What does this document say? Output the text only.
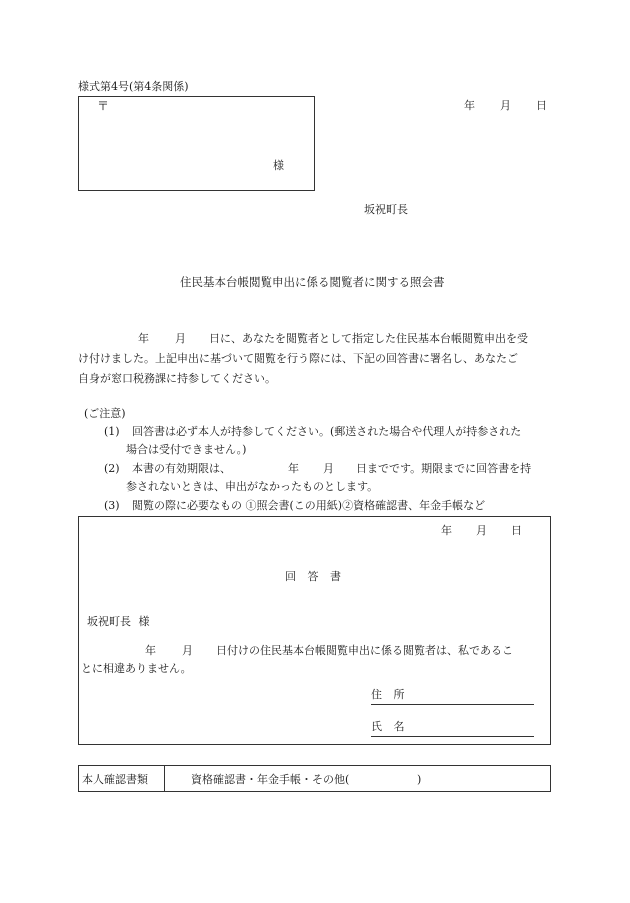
様式第4号(第4条関係)
〒
様
年 月 日
坂祝町長
住民基本台帳閲覧申出に係る閲覧者に関する照会書
年 月 日に、あなたを閲覧者として指定した住民基本台帳閲覧申出を受
け付けました。上記申出に基づいて閲覧を行う際には、下記の回答書に署名し、あなたご
自身が窓口税務課に持参してください。
(ご注意)
(1) 回答書は必ず本人が持参してください。(郵送された場合や代理人が持参された
場合は受付できません。)
(2) 本書の有効期限は、	年 月 日までです。期限までに回答書を持
参されないときは、申出がなかったものとします。
(3) 閲覧の際に必要なもの ①照会書(この用紙)②資格確認書、年金手帳など
年 月 日
回 答 書
坂祝町長 様
年 月 日付けの住民基本台帳閲覧申出に係る閲覧者は、私であるこ
とに相違ありません。
住 所
氏 名
本人確認書類	資格確認書・年金手帳・その他(	)
